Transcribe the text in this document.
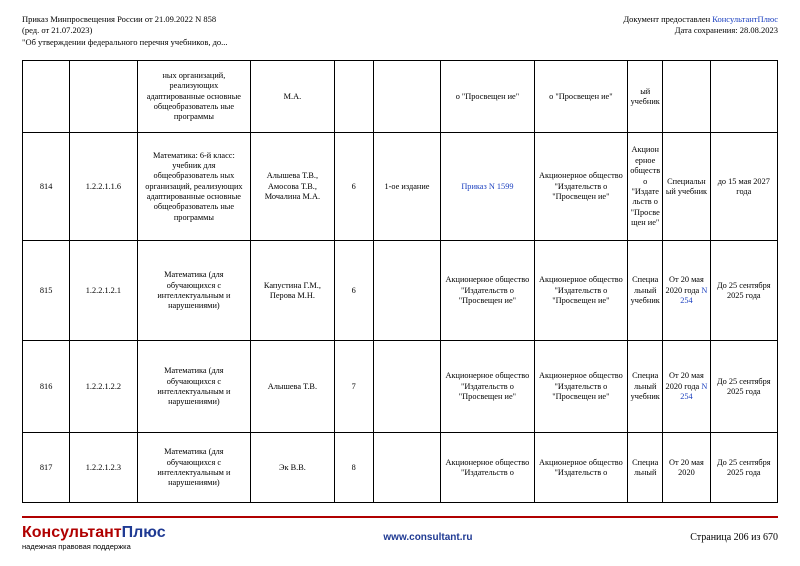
Приказ Минпросвещения России от 21.09.2022 N 858
(ред. от 21.07.2023)
"Об утверждении федерального перечня учебников, до...
Документ предоставлен КонсультантПлюс
Дата сохранения: 28.08.2023
		ных организаций, реализующих адаптированные основные общеобразователь ные программы	М.А.			о "Просвещен ие"	о "Просвещен ие"	ый учебник		
814	1.2.2.1.1.6	Математика: 6-й класс: учебник для общеобразователь ных организаций, реализующих адаптированные основные общеобразователь ные программы	Алышева Т.В., Амосова Т.В., Мочалина М.А.	6	1-ое издание	Приказ N 1599	Акционерное общество "Издательств о "Просвещен ие"	Акционерное общество "Издательств о "Просвещен ие"	Специальный учебник	до 15 мая 2027 года
815	1.2.2.1.2.1	Математика (для обучающихся с интеллектуальным и нарушениями)	Капустина Г.М., Перова М.Н.	6		Акционерное общество "Издательств о "Просвещен ие"	Акционерное общество "Издательств о "Просвещен ие"	Специальный учебник	От 20 мая 2020 года N 254	До 25 сентября 2025 года
816	1.2.2.1.2.2	Математика (для обучающихся с интеллектуальным и нарушениями)	Алышева Т.В.	7		Акционерное общество "Издательств о "Просвещен ие"	Акционерное общество "Издательств о "Просвещен ие"	Специальный учебник	От 20 мая 2020 года N 254	До 25 сентября 2025 года
817	1.2.2.1.2.3	Математика (для обучающихся с интеллектуальным и нарушениями)	Эк В.В.	8		Акционерное общество "Издательств о	Акционерное общество "Издательств о	Специальный	От 20 мая 2020	До 25 сентября 2025 года
КонсультантПлюс
надежная правовая поддержка
www.consultant.ru	Страница 206 из 670
